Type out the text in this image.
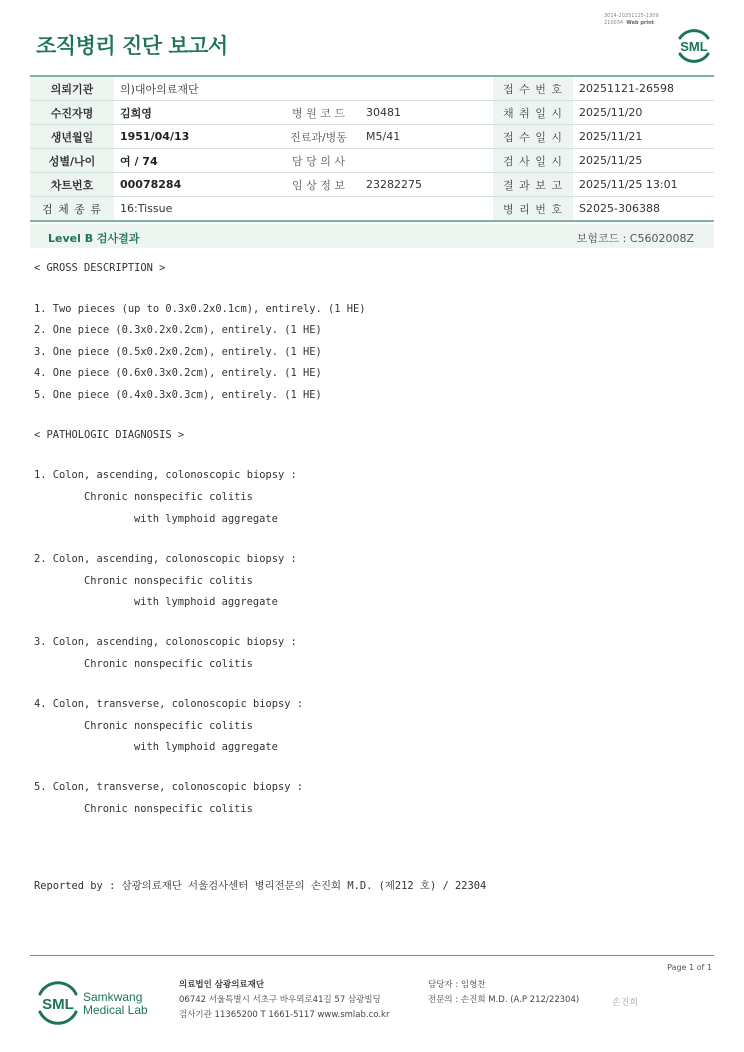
3014-20251125-1309
210034 Web print
조직병리 진단 보고서	SML
의뢰기관	의)대아의료재단			접 수 번 호	20251121-26598
수진자명	김희영	병 원 코 드	30481	채 취 일 시	2025/11/20
생년월일	1951/04/13	진료과/병동	M5/41	접 수 일 시	2025/11/21
성별/나이	여 / 74	담 당 의 사		검 사 일 시	2025/11/25
차트번호	00078284	임 상 정 보	23282275	결 과 보 고	2025/11/25 13:01
검 체 종 류	16:Tissue			병 리 번 호	S2025-306388
Level B 검사결과	보험코드 : C5602008Z
< GROSS DESCRIPTION >
1. Two pieces (up to 0.3x0.2x0.1cm), entirely. (1 HE)
2. One piece (0.3x0.2x0.2cm), entirely. (1 HE)
3. One piece (0.5x0.2x0.2cm), entirely. (1 HE)
4. One piece (0.6x0.3x0.2cm), entirely. (1 HE)
5. One piece (0.4x0.3x0.3cm), entirely. (1 HE)
< PATHOLOGIC DIAGNOSIS >
1. Colon, ascending, colonoscopic biopsy :
Chronic nonspecific colitis
with lymphoid aggregate
2. Colon, ascending, colonoscopic biopsy :
Chronic nonspecific colitis
with lymphoid aggregate
3. Colon, ascending, colonoscopic biopsy :
Chronic nonspecific colitis
4. Colon, transverse, colonoscopic biopsy :
Chronic nonspecific colitis
with lymphoid aggregate
5. Colon, transverse, colonoscopic biopsy :
Chronic nonspecific colitis
Reported by : 삼광의료재단 서울검사센터 병리전문의 손진희 M.D. (제212 호) / 22304
Page 1 of 1
SML Samkwang
Medical Lab
의료법인 삼광의료재단
06742 서울특별시 서초구 바우뫼로41길 57 삼광빌딩
검사기관 11365200 T 1661-5117 www.smlab.co.kr
담당자 : 임형찬
전문의 : 손진희 M.D. (A.P 212/22304)	손진희
